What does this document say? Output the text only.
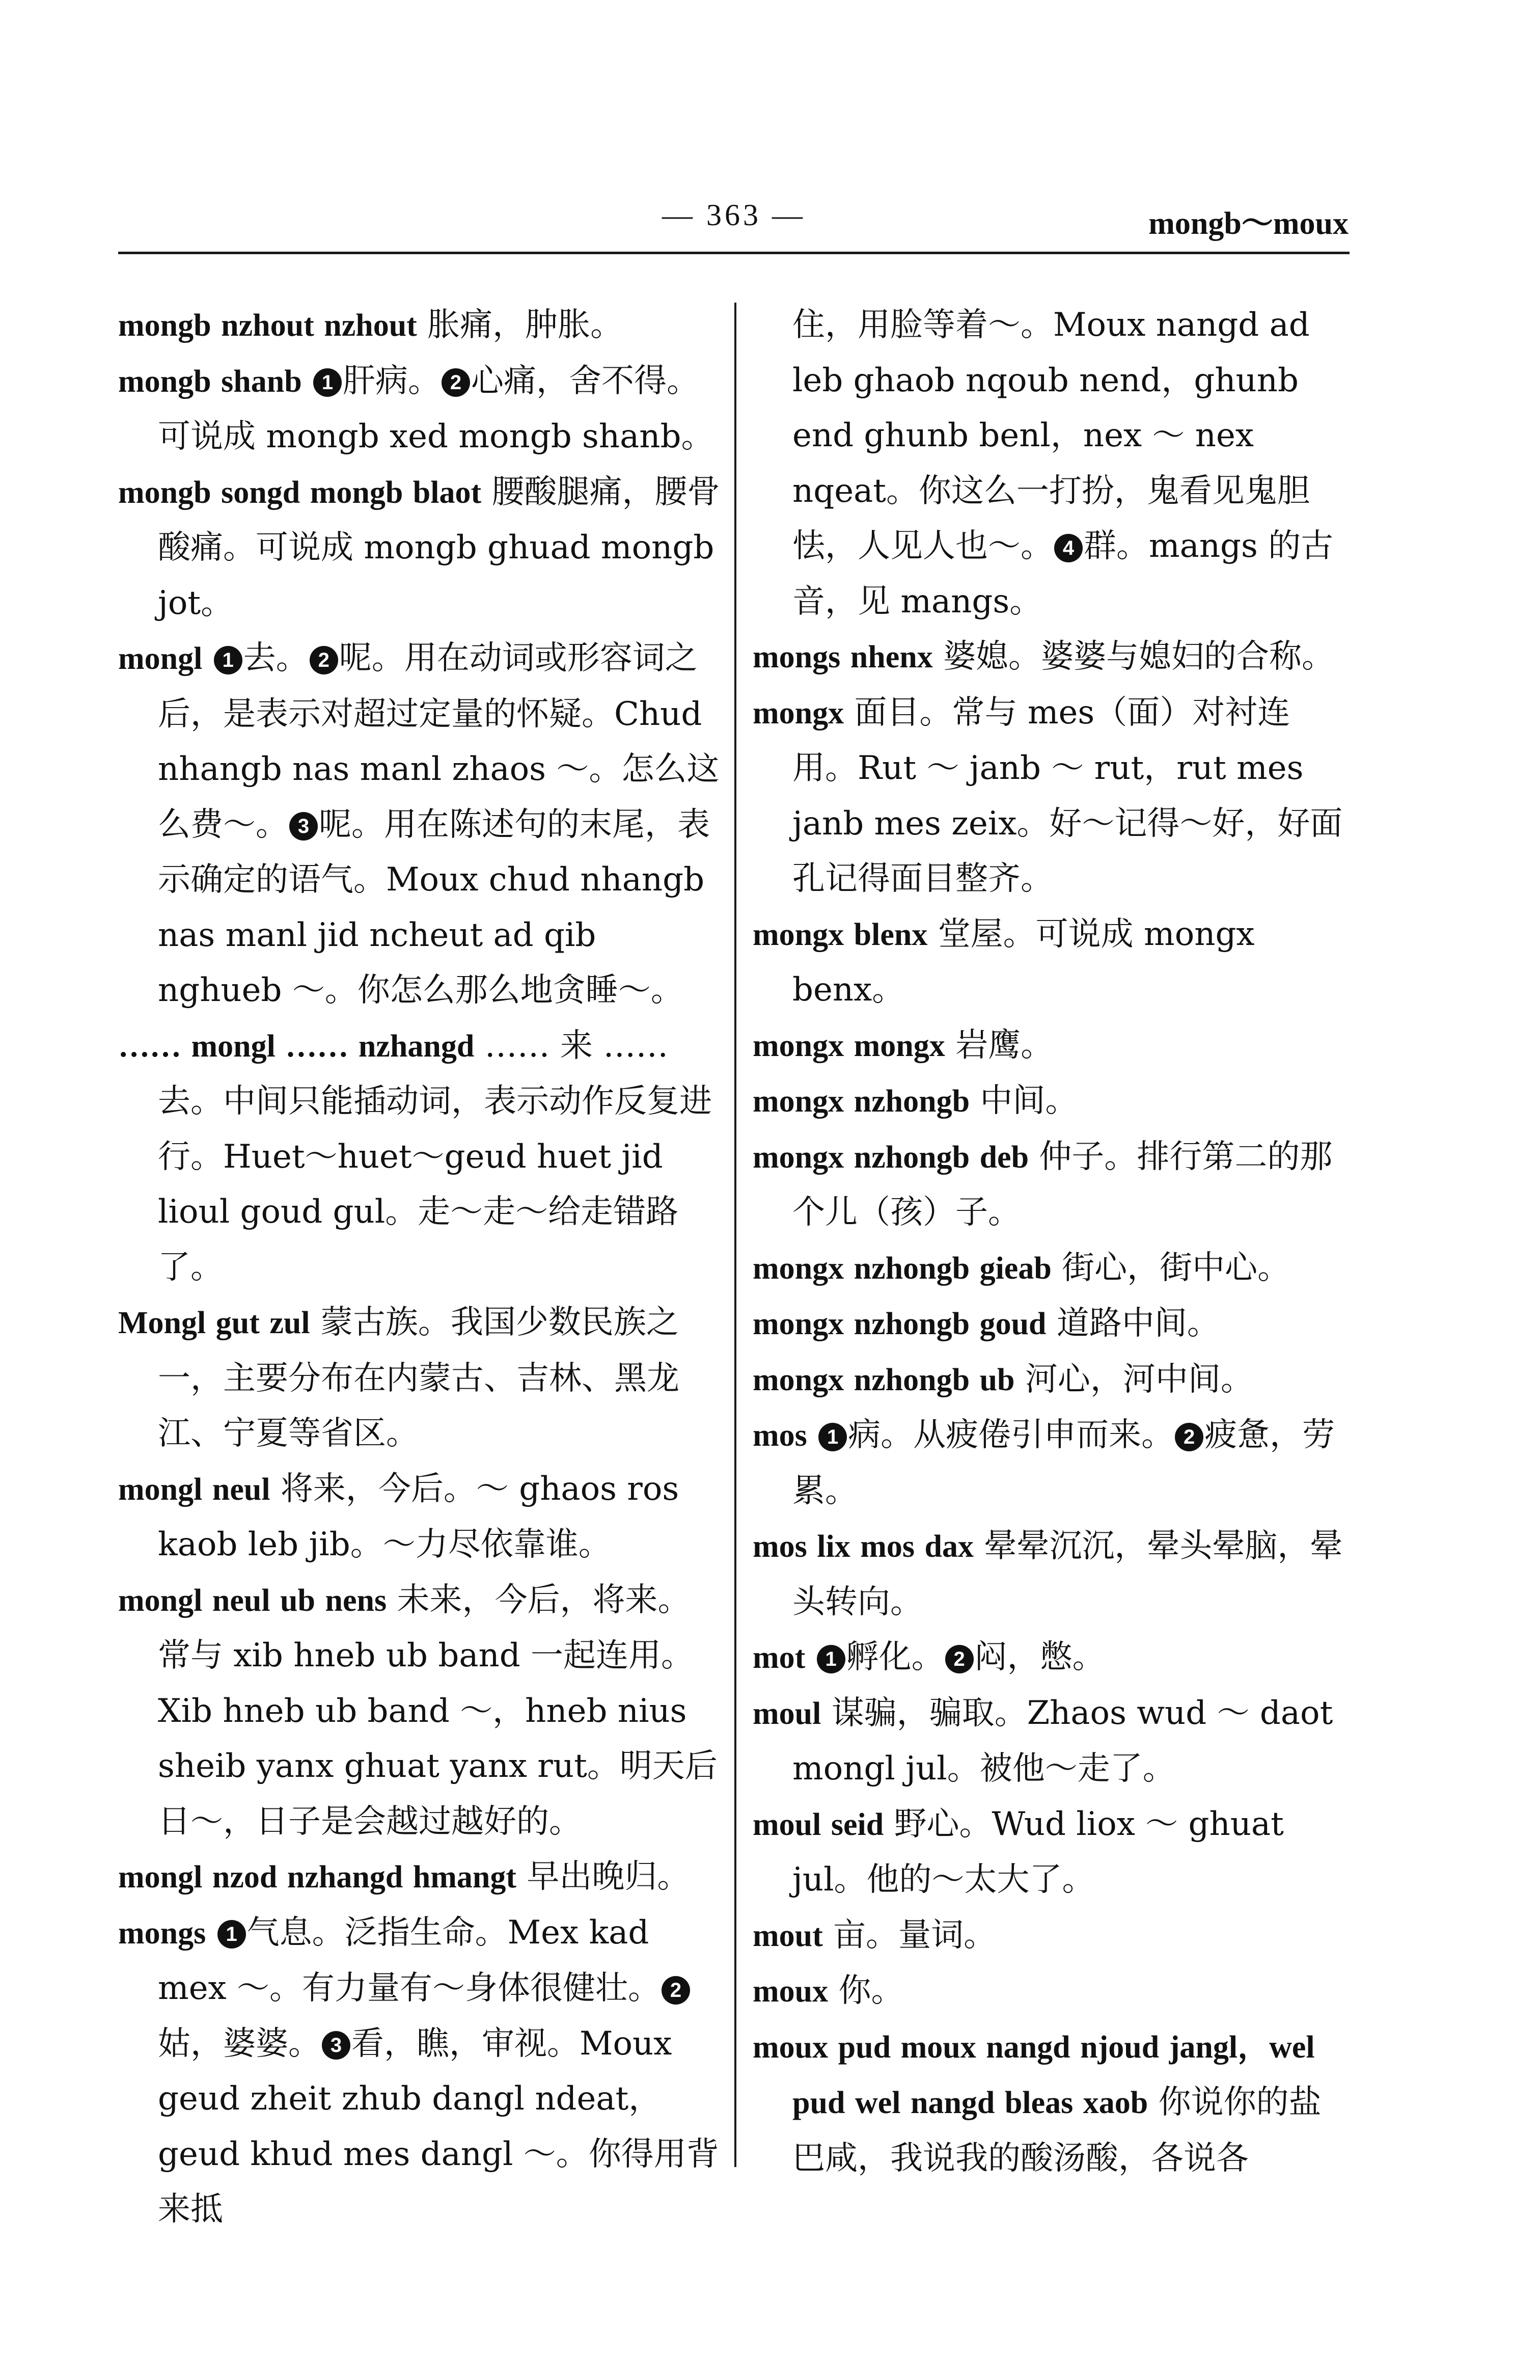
— 363 —	mongb～moux

mongb nzhout nzhout 胀痛，肿胀。

mongb shanb 1 肝病。 2 心痛，舍不得。可说成 mongb xed mongb shanb。

mongb songd mongb blaot 腰酸腿痛，腰骨酸痛。可说成 mongb ghuad mongb jot。

mongl 1 去。 2 呢。用在动词或形容词之后，是表示对超过定量的怀疑。Chud nhangb nas manl zhaos ～。怎么这么费～。 3 呢。用在陈述句的末尾，表示确定的语气。Moux chud nhangb nas manl jid ncheut ad qib nghueb ～。你怎么那么地贪睡～。

…… mongl …… nzhangd …… 来 …… 去。中间只能插动词，表示动作反复进行。Huet～huet～geud huet jid lioul goud gul。走～走～给走错路了。

Mongl gut zul 蒙古族。我国少数民族之一，主要分布在内蒙古、吉林、黑龙江、宁夏等省区。

mongl neul 将来，今后。～ ghaos ros kaob leb jib。～力尽依靠谁。

mongl neul ub nens 未来，今后，将来。常与 xib hneb ub band 一起连用。Xib hneb ub band ～，hneb nius sheib yanx ghuat yanx rut。明天后日～，日子是会越过越好的。

mongl nzod nzhangd hmangt 早出晚归。

mongs 1 气息。泛指生命。Mex kad mex ～。有力量有～身体很健壮。 2姑，婆婆。 3 看，瞧，审视。Moux geud zheit zhub dangl ndeat，geud khud mes dangl ～。你得用背来抵

住，用脸等着～。Moux nangd ad leb ghaob nqoub nend，ghunb end ghunb benl，nex ～ nex nqeat。你这么一打扮，鬼看见鬼胆怯，人见人也～。 4 群。mangs 的古音，见 mangs。

mongs nhenx 婆媳。婆婆与媳妇的合称。

mongx 面目。常与 mes（面）对衬连用。Rut ～ janb ～ rut，rut mes janb mes zeix。好～记得～好，好面孔记得面目整齐。

mongx blenx 堂屋。可说成 mongx benx。

mongx mongx 岩鹰。

mongx nzhongb 中间。

mongx nzhongb deb 仲子。排行第二的那个儿（孩）子。

mongx nzhongb gieab 街心，街中心。

mongx nzhongb goud 道路中间。

mongx nzhongb ub 河心，河中间。

mos 1 病。从疲倦引申而来。 2 疲惫，劳累。

mos lix mos dax 晕晕沉沉，晕头晕脑，晕头转向。

mot 1 孵化。 2 闷，憋。

moul 谋骗，骗取。Zhaos wud ～ daot mongl jul。被他～走了。

moul seid 野心。Wud liox ～ ghuat jul。他的～太大了。

mout 亩。量词。

moux 你。

moux pud moux nangd njoud jangl，wel pud wel nangd bleas xaob 你说你的盐巴咸，我说我的酸汤酸，各说各
